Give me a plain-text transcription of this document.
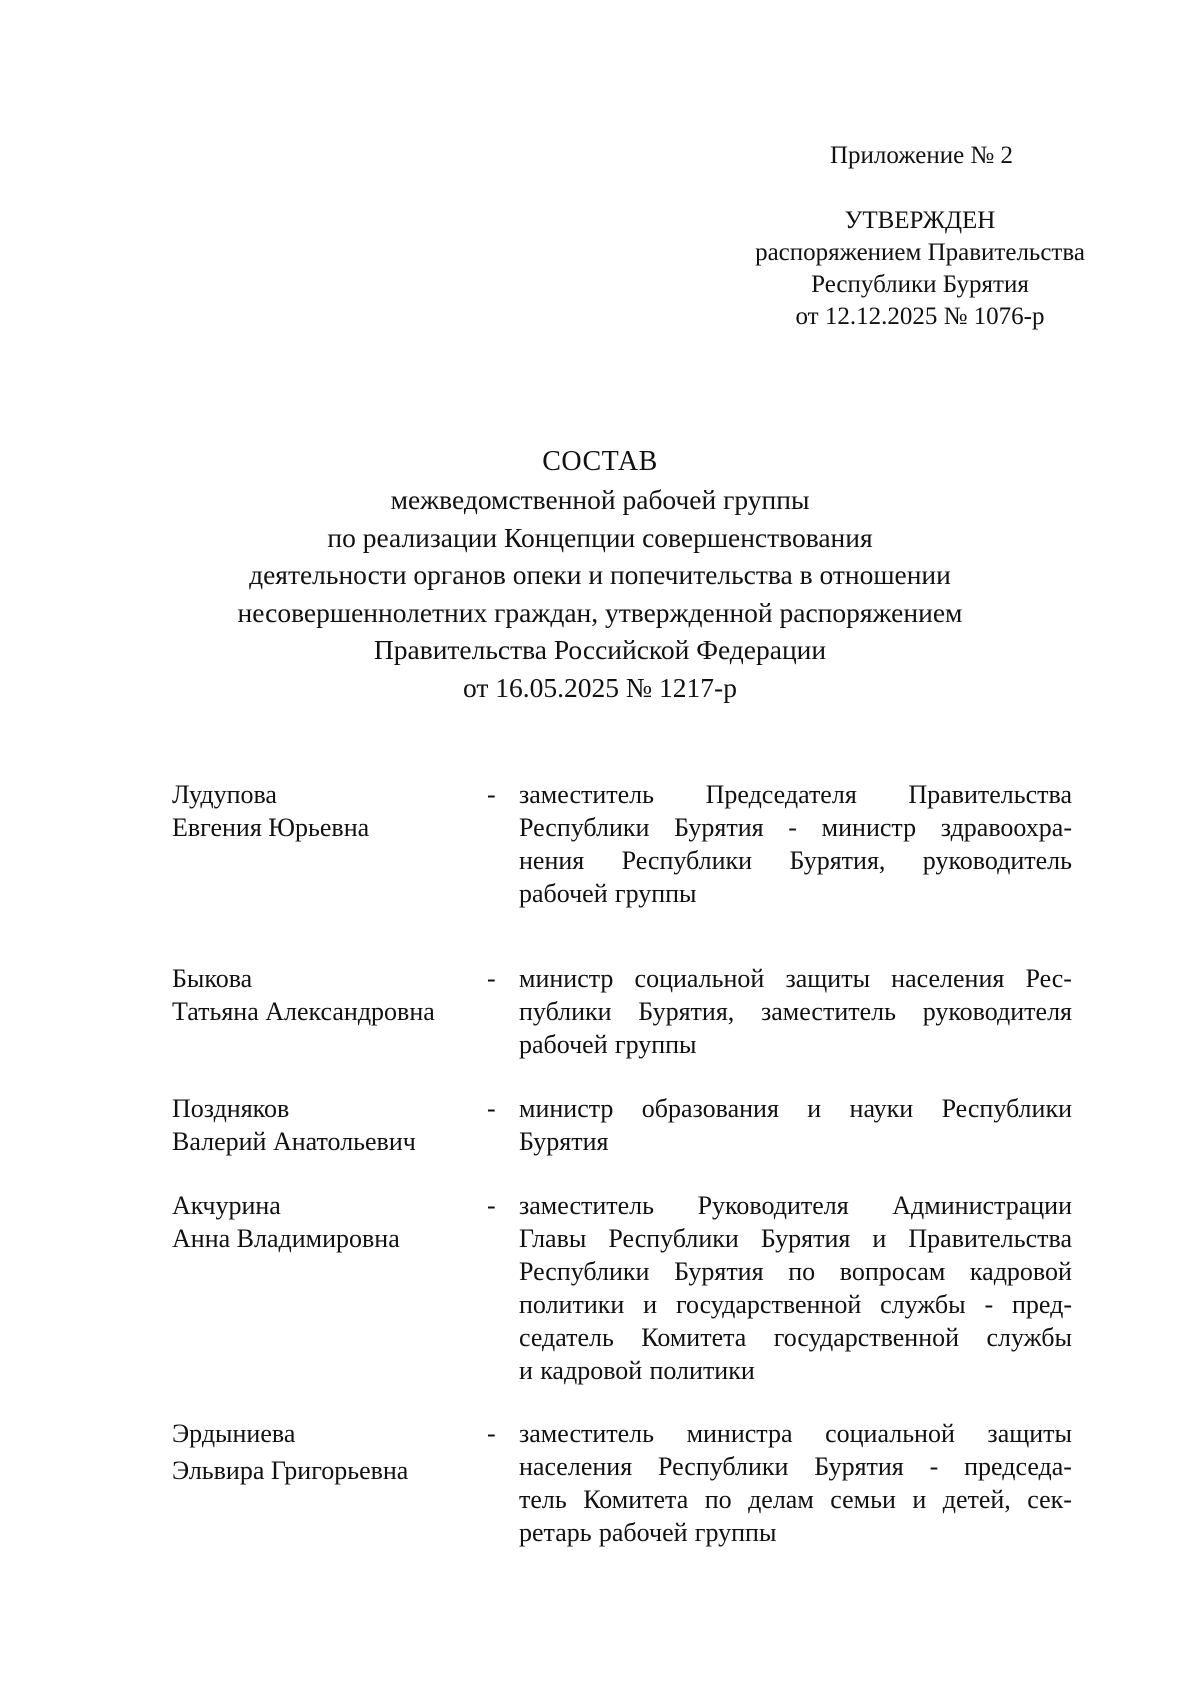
Приложение № 2
УТВЕРЖДЕН
распоряжением Правительства
Республики Бурятия
от 12.12.2025 № 1076-р
СОСТАВ
межведомственной рабочей группы
по реализации Концепции совершенствования
деятельности органов опеки и попечительства в отношении
несовершеннолетних граждан, утвержденной распоряжением
Правительства Российской Федерации
от 16.05.2025 № 1217-р
Лудупова
Евгения Юрьевна
- заместитель Председателя Правительства
Республики Бурятия - министр здравоохра-
нения Республики Бурятия, руководитель
рабочей группы
Быкова
Татьяна Александровна
- министр социальной защиты населения Рес-
публики Бурятия, заместитель руководителя
рабочей группы
Поздняков
Валерий Анатольевич
- министр образования и науки Республики
Бурятия
Акчурина
Анна Владимировна
- заместитель Руководителя Администрации
Главы Республики Бурятия и Правительства
Республики Бурятия по вопросам кадровой
политики и государственной службы - пред-
седатель Комитета государственной службы
и кадровой политики
Эрдыниева
Эльвира Григорьевна
- заместитель министра социальной защиты
населения Республики Бурятия - председа-
тель Комитета по делам семьи и детей, сек-
ретарь рабочей группы
